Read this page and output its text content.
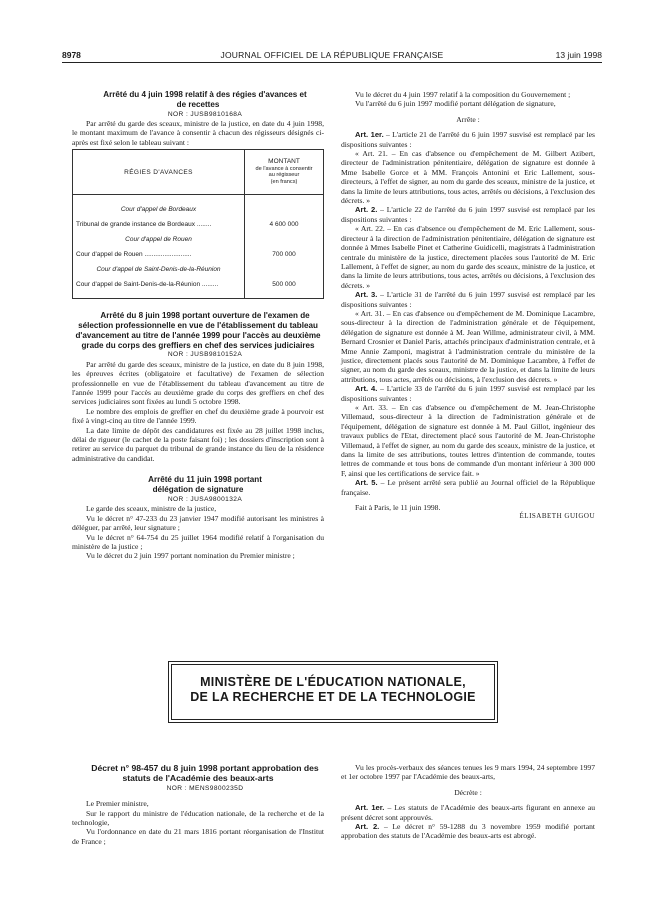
8978	JOURNAL OFFICIEL DE LA RÉPUBLIQUE FRANÇAISE	13 juin 1998

Arrêté du 4 juin 1998 relatif à des régies d'avances et de recettes

NOR : JUSB9810168A

Par arrêté du garde des sceaux, ministre de la justice, en date du 4 juin 1998, le montant maximum de l'avance à consentir à chacun des régisseurs désignés ci-après est fixé selon le tableau suivant :

RÉGIES D'AVANCES	MONTANT
de l'avance à consentir
au régisseur
(en francs)
Cour d'appel de Bordeaux	
Tribunal de grande instance de Bordeaux ........	4 600 000
Cour d'appel de Rouen	
Cour d'appel de Rouen ..........................	700 000
Cour d'appel de Saint-Denis-de-la-Réunion	
Cour d'appel de Saint-Denis-de-la-Réunion .........	500 000

Arrêté du 8 juin 1998 portant ouverture de l'examen de sélection professionnelle en vue de l'établissement du tableau d'avancement au titre de l'année 1999 pour l'accès au deuxième grade du corps des greffiers en chef des services judiciaires

NOR : JUSB9810152A

Par arrêté du garde des sceaux, ministre de la justice, en date du 8 juin 1998, les épreuves écrites (obligatoire et facultative) de l'examen de sélection professionnelle en vue de l'établissement du tableau d'avancement au titre de l'année 1999 pour l'accès au deuxième grade du corps des greffiers en chef des services judiciaires sont fixées au lundi 5 octobre 1998.

Le nombre des emplois de greffier en chef du deuxième grade à pourvoir est fixé à vingt-cinq au titre de l'année 1999.

La date limite de dépôt des candidatures est fixée au 28 juillet 1998 inclus, délai de rigueur (le cachet de la poste faisant foi) ; les dossiers d'inscription sont à retirer au service du parquet du tribunal de grande instance du lieu de la résidence administrative du candidat.

Arrêté du 11 juin 1998 portant délégation de signature

NOR : JUSA9800132A

Le garde des sceaux, ministre de la justice,

Vu le décret n° 47-233 du 23 janvier 1947 modifié autorisant les ministres à déléguer, par arrêté, leur signature ;

Vu le décret n° 64-754 du 25 juillet 1964 modifié relatif à l'organisation du ministère de la justice ;

Vu le décret du 2 juin 1997 portant nomination du Premier ministre ;

Vu le décret du 4 juin 1997 relatif à la composition du Gouvernement ;

Vu l'arrêté du 6 juin 1997 modifié portant délégation de signature,

Arrête :

Art. 1er. – L'article 21 de l'arrêté du 6 juin 1997 susvisé est remplacé par les dispositions suivantes :

« Art. 21. – En cas d'absence ou d'empêchement de M. Gilbert Azibert, directeur de l'administration pénitentiaire, délégation de signature est donnée à Mme Isabelle Gorce et à MM. François Antonini et Eric Lallement, sous-directeurs, à l'effet de signer, au nom du garde des sceaux, ministre de la justice, et dans la limite de leurs attributions, tous actes, arrêtés ou décisions, à l'exclusion des décrets. »

Art. 2. – L'article 22 de l'arrêté du 6 juin 1997 susvisé est remplacé par les dispositions suivantes :

« Art. 22. – En cas d'absence ou d'empêchement de M. Eric Lallement, sous-directeur à la direction de l'administration pénitentiaire, délégation de signature est donnée à Mmes Isabelle Pinet et Catherine Guidicelli, magistrats à l'administration centrale du ministère de la justice, directement placées sous l'autorité de M. Eric Lallement, à l'effet de signer, au nom du garde des sceaux, ministre de la justice, et dans la limite de leurs attributions, tous actes, arrêtés ou décisions, à l'exclusion des décrets. »

Art. 3. – L'article 31 de l'arrêté du 6 juin 1997 susvisé est remplacé par les dispositions suivantes :

« Art. 31. – En cas d'absence ou d'empêchement de M. Dominique Lacambre, sous-directeur à la direction de l'administration générale et de l'équipement, délégation de signature est donnée à M. Jean Willme, administrateur civil, à MM. Bernard Crosnier et Daniel Paris, attachés principaux d'administration centrale, et à Mme Annie Zamponi, magistrat à l'administration centrale du ministère de la justice, directement placés sous l'autorité de M. Dominique Lacambre, à l'effet de signer, au nom du garde des sceaux, ministre de la justice, et dans la limite de leurs attributions, tous actes, arrêtés ou décisions, à l'exclusion des décrets. »

Art. 4. – L'article 33 de l'arrêté du 6 juin 1997 susvisé est remplacé par les dispositions suivantes :

« Art. 33. – En cas d'absence ou d'empêchement de M. Jean-Christophe Villemaud, sous-directeur à la direction de l'administration générale et de l'équipement, délégation de signature est donnée à M. Paul Gillot, ingénieur des travaux publics de l'Etat, directement placé sous l'autorité de M. Jean-Christophe Villemaud, à l'effet de signer, au nom du garde des sceaux, ministre de la justice, et dans la limite de ses attributions, toutes lettres d'intention de commande, toutes lettres de commande et tous bons de commande d'un montant inférieur à 300 000 F, ainsi que les certifications de service fait. »

Art. 5. – Le présent arrêté sera publié au Journal officiel de la République française.

Fait à Paris, le 11 juin 1998.

ÉLISABETH GUIGOU

MINISTÈRE DE L'ÉDUCATION NATIONALE,
DE LA RECHERCHE ET DE LA TECHNOLOGIE

Décret n° 98-457 du 8 juin 1998 portant approbation des statuts de l'Académie des beaux-arts

NOR : MENS9800235D

Le Premier ministre,

Sur le rapport du ministre de l'éducation nationale, de la recherche et de la technologie,

Vu l'ordonnance en date du 21 mars 1816 portant réorganisation de l'Institut de France ;

Vu les procès-verbaux des séances tenues les 9 mars 1994, 24 septembre 1997 et 1er octobre 1997 par l'Académie des beaux-arts,

Décrète :

Art. 1er. – Les statuts de l'Académie des beaux-arts figurant en annexe au présent décret sont approuvés.

Art. 2. – Le décret n° 59-1288 du 3 novembre 1959 modifié portant approbation des statuts de l'Académie des beaux-arts est abrogé.
